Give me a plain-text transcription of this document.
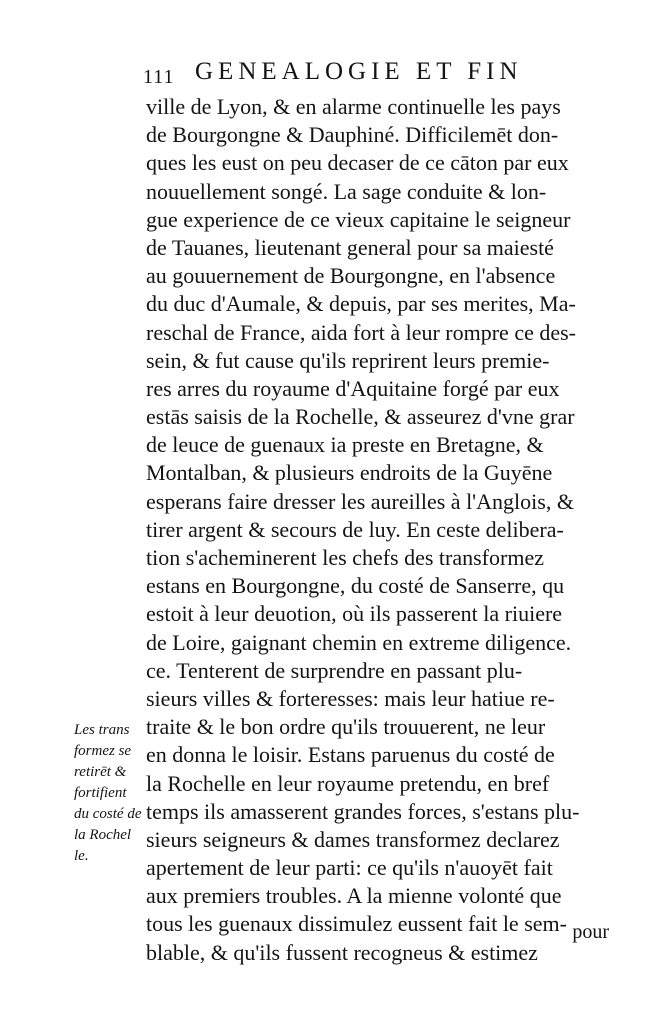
111 GENEALOGIE ET FIN
ville de Lyon, & en alarme continuelle les pays
de Bourgongne & Dauphiné. Difficilemēt don-
ques les eust on peu decaser de ce cāton par eux
nouuellement songé. La sage conduite & lon-
gue experience de ce vieux capitaine le seigneur
de Tauanes, lieutenant general pour sa maiesté
au gouuernement de Bourgongne, en l'absence
du duc d'Aumale, & depuis, par ses merites, Ma-
reschal de France, aida fort à leur rompre ce des-
sein, & fut cause qu'ils reprirent leurs premie-
res arres du royaume d'Aquitaine forgé par eux
estās saisis de la Rochelle, & asseurez d'vne grar
de leuce de guenaux ia preste en Bretagne, &
Montalban, & plusieurs endroits de la Guyēne
esperans faire dresser les aureilles à l'Anglois, &
tirer argent & secours de luy. En ceste delibera-
tion s'acheminerent les chefs des transformez
estans en Bourgongne, du costé de Sanserre, qu
estoit à leur deuotion, où ils passerent la riuiere
de Loire, gaignant chemin en extreme diligence.
ce. Tenterent de surprendre en passant plu-
sieurs villes & forteresses: mais leur hatiue re-
traite & le bon ordre qu'ils trouuerent, ne leur
en donna le loisir. Estans paruenus du costé de
la Rochelle en leur royaume pretendu, en bref
temps ils amasserent grandes forces, s'estans plu-
sieurs seigneurs & dames transformez declarez
apertement de leur parti: ce qu'ils n'auoyēt fait
aux premiers troubles. A la mienne volonté que
tous les guenaux dissimulez eussent fait le sem-
blable, & qu'ils fussent recogneus & estimez
pour
Les trans
formez se
retirēt &
fortifient
du costé de
la Rochel
le.
